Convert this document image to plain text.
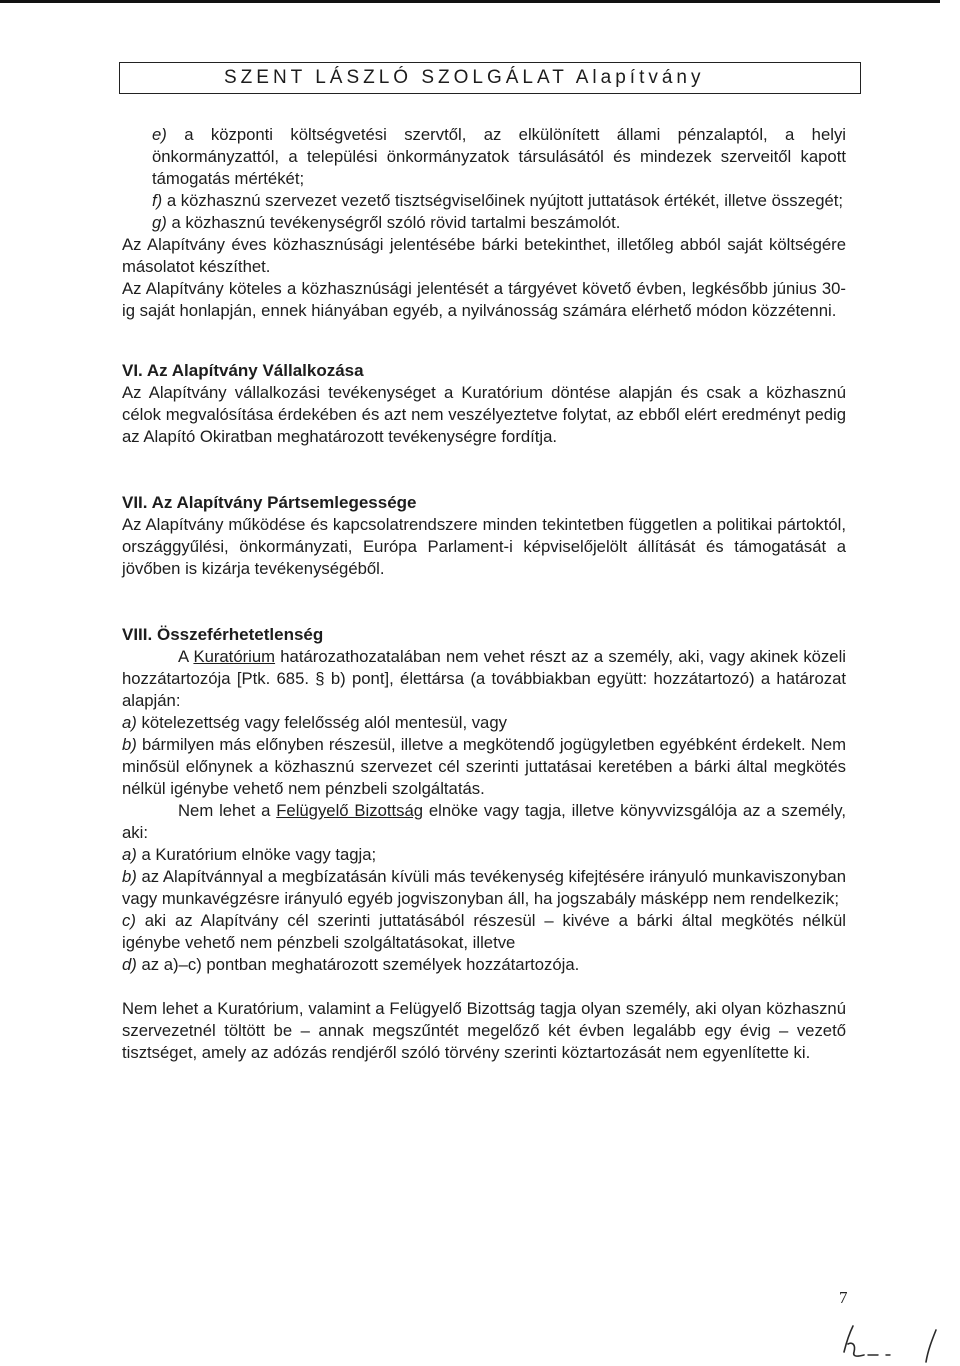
SZENT LÁSZLÓ SZOLGÁLAT Alapítvány

e) a központi költségvetési szervtől, az elkülönített állami pénzalaptól, a helyi önkormányzattól, a települési önkormányzatok társulásától és mindezek szerveitől kapott támogatás mértékét;

f) a közhasznú szervezet vezető tisztségviselőinek nyújtott juttatások értékét, illetve összegét;

g) a közhasznú tevékenységről szóló rövid tartalmi beszámolót.

Az Alapítvány éves közhasznúsági jelentésébe bárki betekinthet, illetőleg abból saját költségére másolatot készíthet.

Az Alapítvány köteles a közhasznúsági jelentését a tárgyévet követő évben, legkésőbb június 30-ig saját honlapján, ennek hiányában egyéb, a nyilvánosság számára elérhető módon közzétenni.

VI. Az Alapítvány Vállalkozása

Az Alapítvány vállalkozási tevékenységet a Kuratórium döntése alapján és csak a közhasznú célok megvalósítása érdekében és azt nem veszélyeztetve folytat, az ebből elért eredményt pedig az Alapító Okiratban meghatározott tevékenységre fordítja.

VII. Az Alapítvány Pártsemlegessége

Az Alapítvány működése és kapcsolatrendszere minden tekintetben független a politikai pártoktól, országgyűlési, önkormányzati, Európa Parlament-i képviselőjelölt állítását és támogatását a jövőben is kizárja tevékenységéből.

VIII. Összeférhetetlenség

A Kuratórium határozathozatalában nem vehet részt az a személy, aki, vagy akinek közeli hozzátartozója [Ptk. 685. § b) pont], élettársa (a továbbiakban együtt: hozzátartozó) a határozat alapján:

a) kötelezettség vagy felelősség alól mentesül, vagy

b) bármilyen más előnyben részesül, illetve a megkötendő jogügyletben egyébként érdekelt. Nem minősül előnynek a közhasznú szervezet cél szerinti juttatásai keretében a bárki által megkötés nélkül igénybe vehető nem pénzbeli szolgáltatás.

Nem lehet a Felügyelő Bizottság elnöke vagy tagja, illetve könyvvizsgálója az a személy, aki:

a) a Kuratórium elnöke vagy tagja;

b) az Alapítvánnyal a megbízatásán kívüli más tevékenység kifejtésére irányuló munkaviszonyban vagy munkavégzésre irányuló egyéb jogviszonyban áll, ha jogszabály másképp nem rendelkezik;

c) aki az Alapítvány cél szerinti juttatásából részesül – kivéve a bárki által megkötés nélkül igénybe vehető nem pénzbeli szolgáltatásokat, illetve

d) az a)–c) pontban meghatározott személyek hozzátartozója.

Nem lehet a Kuratórium, valamint a Felügyelő Bizottság tagja olyan személy, aki olyan közhasznú szervezetnél töltött be – annak megszűntét megelőző két évben legalább egy évig – vezető tisztséget, amely az adózás rendjéről szóló törvény szerinti köztartozását nem egyenlítette ki.

7
